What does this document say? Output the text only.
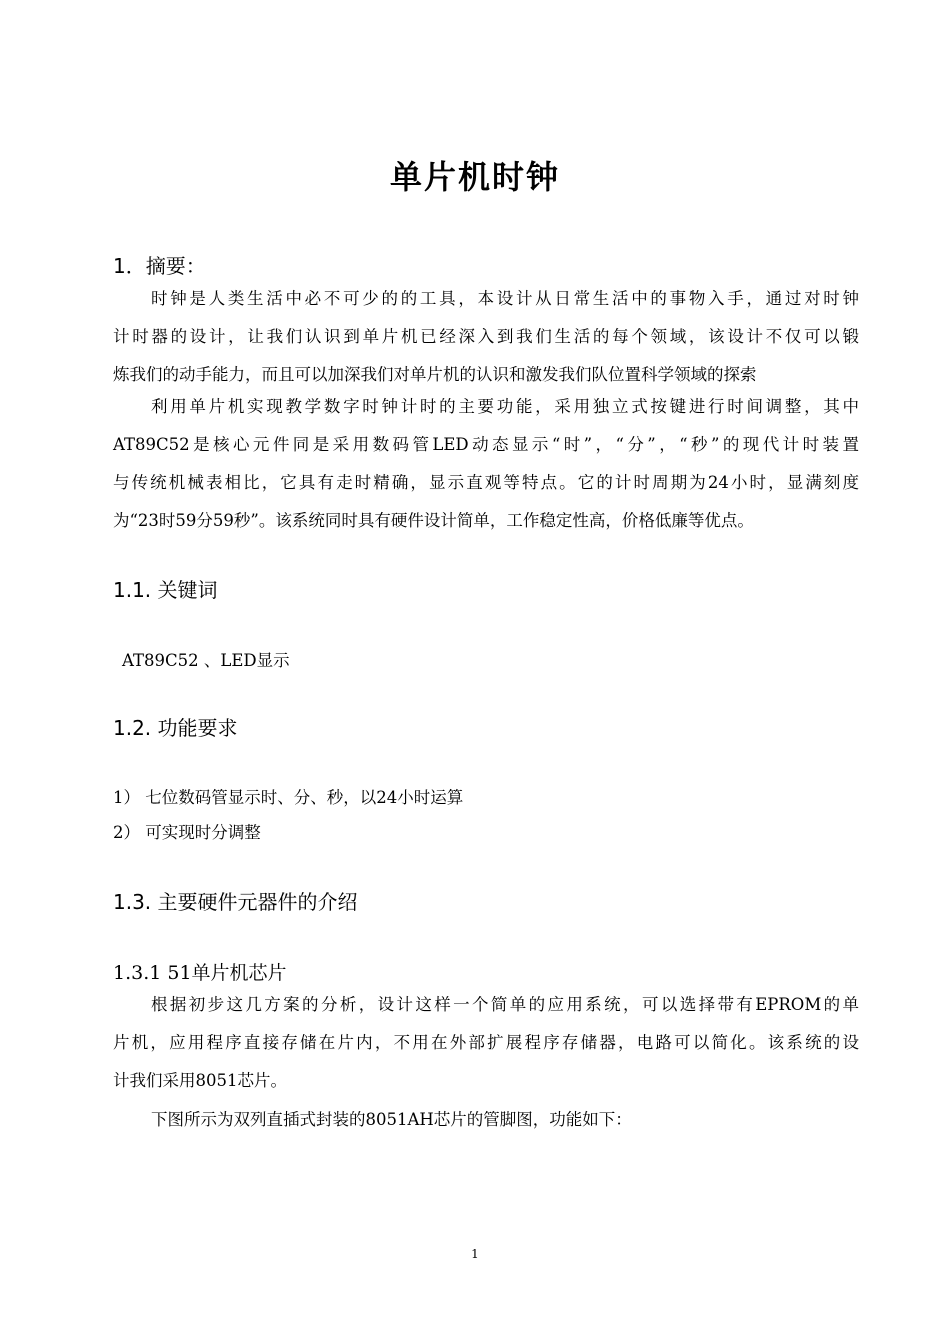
单片机时钟
1．摘要：
时钟是人类生活中必不可少的的工具，本设计从日常生活中的事物入手，通过对时钟
计时器的设计，让我们认识到单片机已经深入到我们生活的每个领域，该设计不仅可以锻
炼我们的动手能力，而且可以加深我们对单片机的认识和激发我们队位置科学领域的探索
利用单片机实现教学数字时钟计时的主要功能，采用独立式按键进行时间调整，其中
AT89C52是核心元件同是采用数码管LED动态显示“时”，“分”，“秒”的现代计时装置
与传统机械表相比，它具有走时精确，显示直观等特点。它的计时周期为24小时，显满刻度
为“23时59分59秒”。该系统同时具有硬件设计简单，工作稳定性高，价格低廉等优点。
1.1. 关键词
AT89C52 、LED显示
1.2. 功能要求
1） 七位数码管显示时、分、秒，以24小时运算
2） 可实现时分调整
1.3. 主要硬件元器件的介绍
1.3.1 51单片机芯片
根据初步这几方案的分析，设计这样一个简单的应用系统，可以选择带有EPROM的单
片机，应用程序直接存储在片内，不用在外部扩展程序存储器，电路可以简化。该系统的设
计我们采用8051芯片。
下图所示为双列直插式封装的8051AH芯片的管脚图，功能如下：
1
